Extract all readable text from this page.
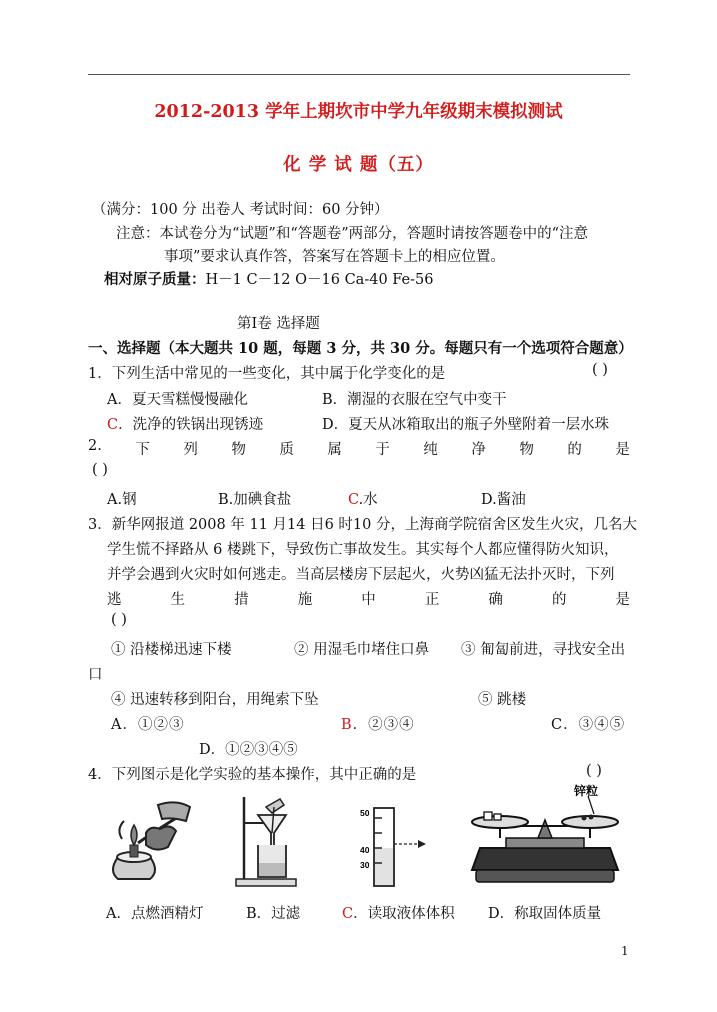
2012-2013 学年上期坎市中学九年级期末模拟测试
化 学 试 题（五）
（满分：100 分 出卷人 考试时间：60 分钟）
注意：本试卷分为“试题”和“答题卷”两部分，答题时请按答题卷中的“注意
事项”要求认真作答，答案写在答题卡上的相应位置。
相对原子质量：H－1 C－12 O－16 Ca-40 Fe-56
第Ⅰ卷 选择题
一、选择题（本大题共 10 题，每题 3 分，共 30 分。每题只有一个选项符合题意）
1．下列生活中常见的一些变化，其中属于化学变化的是	( )
A．夏天雪糕慢慢融化	B．潮湿的衣服在空气中变干
C．洗净的铁锅出现锈迹	D．夏天从冰箱取出的瓶子外壁附着一层水珠
2. 下 列 物 质 属 于 纯 净 物 的 是
( )
A.钢	B.加碘食盐	C.水	D.酱油
3．新华网报道 2008 年 11 月14 日6 时10 分，上海商学院宿舍区发生火灾，几名大
学生慌不择路从 6 楼跳下，导致伤亡事故发生。其实每个人都应懂得防火知识，
并学会遇到火灾时如何逃走。当高层楼房下层起火，火势凶猛无法扑灭时，下列
逃	生	措	施	中	正	确	的	是
( )
① 沿楼梯迅速下楼	② 用湿毛巾堵住口鼻 ③ 匍匐前进，寻找安全出
口
④ 迅速转移到阳台，用绳索下坠	⑤ 跳楼
A．①②③	B．②③④	C．③④⑤
D．①②③④⑤
4．下列图示是化学实验的基本操作，其中正确的是	( )
50
40
30
锌粒
A．点燃酒精灯	B．过滤	C．读取液体体积 D．称取固体质量
1
